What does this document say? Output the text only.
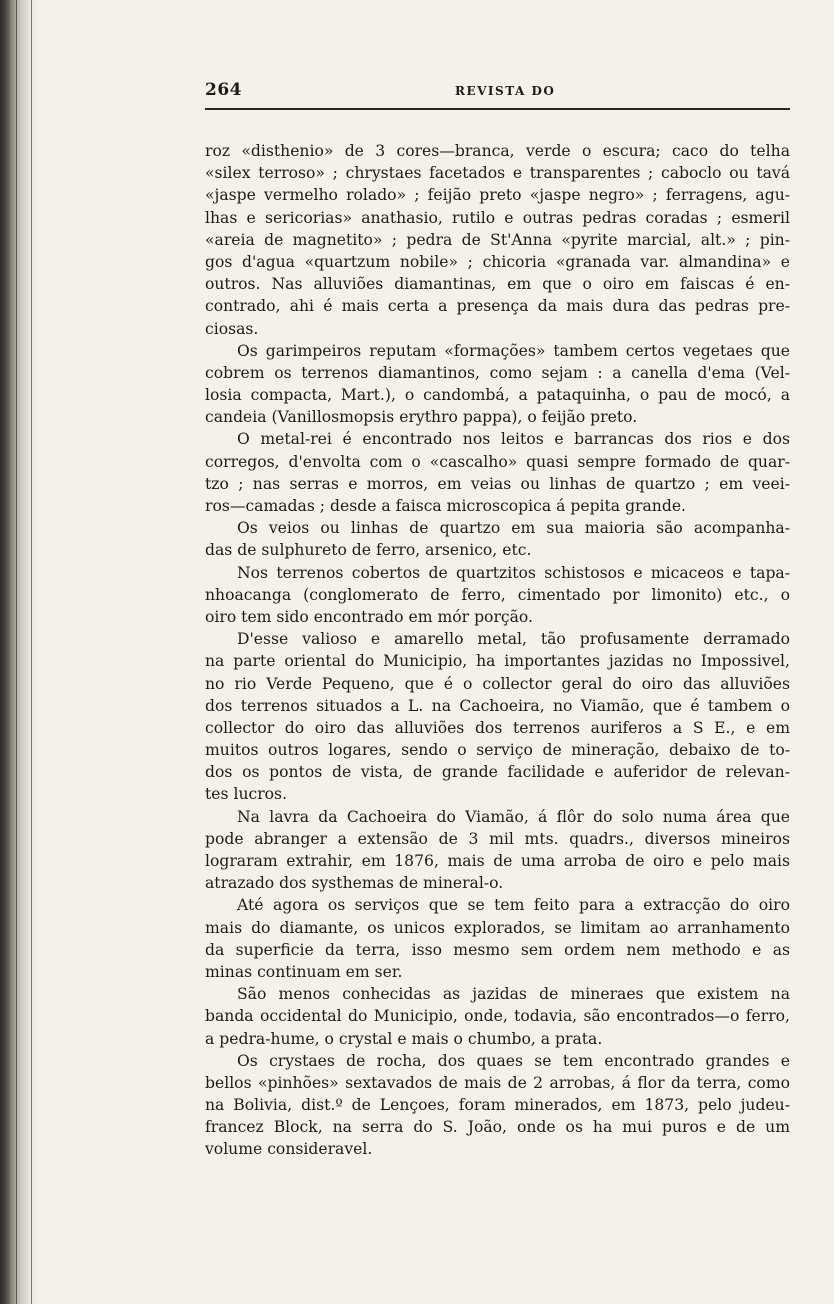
264	REVISTA DO
roz «disthenio» de 3 cores—branca, verde o escura; caco do telha
«silex terroso» ; chrystaes facetados e transparentes ; caboclo ou tavá
«jaspe vermelho rolado» ; feijão preto «jaspe negro» ; ferragens, agu-
lhas e sericorias» anathasio, rutilo e outras pedras coradas ; esmeril
«areia de magnetito» ; pedra de St'Anna «pyrite marcial, alt.» ; pin-
gos d'agua «quartzum nobile» ; chicoria «granada var. almandina» e
outros. Nas alluviões diamantinas, em que o oiro em faiscas é en-
contrado, ahi é mais certa a presença da mais dura das pedras pre-
ciosas.
Os garimpeiros reputam «formações» tambem certos vegetaes que
cobrem os terrenos diamantinos, como sejam : a canella d'ema (Vel-
losia compacta, Mart.), o candombá, a pataquinha, o pau de mocó, a
candeia (Vanillosmopsis erythro pappa), o feijão preto.
O metal-rei é encontrado nos leitos e barrancas dos rios e dos
corregos, d'envolta com o «cascalho» quasi sempre formado de quar-
tzo ; nas serras e morros, em veias ou linhas de quartzo ; em veei-
ros—camadas ; desde a faisca microscopica á pepita grande.
Os veios ou linhas de quartzo em sua maioria são acompanha-
das de sulphureto de ferro, arsenico, etc.
Nos terrenos cobertos de quartzitos schistosos e micaceos e tapa-
nhoacanga (conglomerato de ferro, cimentado por limonito) etc., o
oiro tem sido encontrado em mór porção.
D'esse valioso e amarello metal, tão profusamente derramado
na parte oriental do Municipio, ha importantes jazidas no Impossivel,
no rio Verde Pequeno, que é o collector geral do oiro das alluviões
dos terrenos situados a L. na Cachoeira, no Viamão, que é tambem o
collector do oiro das alluviões dos terrenos auriferos a S E., e em
muitos outros logares, sendo o serviço de mineração, debaixo de to-
dos os pontos de vista, de grande facilidade e auferidor de relevan-
tes lucros.
Na lavra da Cachoeira do Viamão, á flôr do solo numa área que
pode abranger a extensão de 3 mil mts. quadrs., diversos mineiros
lograram extrahir, em 1876, mais de uma arroba de oiro e pelo mais
atrazado dos systhemas de mineral-o.
Até agora os serviços que se tem feito para a extracção do oiro
mais do diamante, os unicos explorados, se limitam ao arranhamento
da superficie da terra, isso mesmo sem ordem nem methodo e as
minas continuam em ser.
São menos conhecidas as jazidas de mineraes que existem na
banda occidental do Municipio, onde, todavia, são encontrados—o ferro,
a pedra-hume, o crystal e mais o chumbo, a prata.
Os crystaes de rocha, dos quaes se tem encontrado grandes e
bellos «pinhões» sextavados de mais de 2 arrobas, á flor da terra, como
na Bolivia, dist.º de Lençoes, foram minerados, em 1873, pelo judeu-
francez Block, na serra do S. João, onde os ha mui puros e de um
volume consideravel.
